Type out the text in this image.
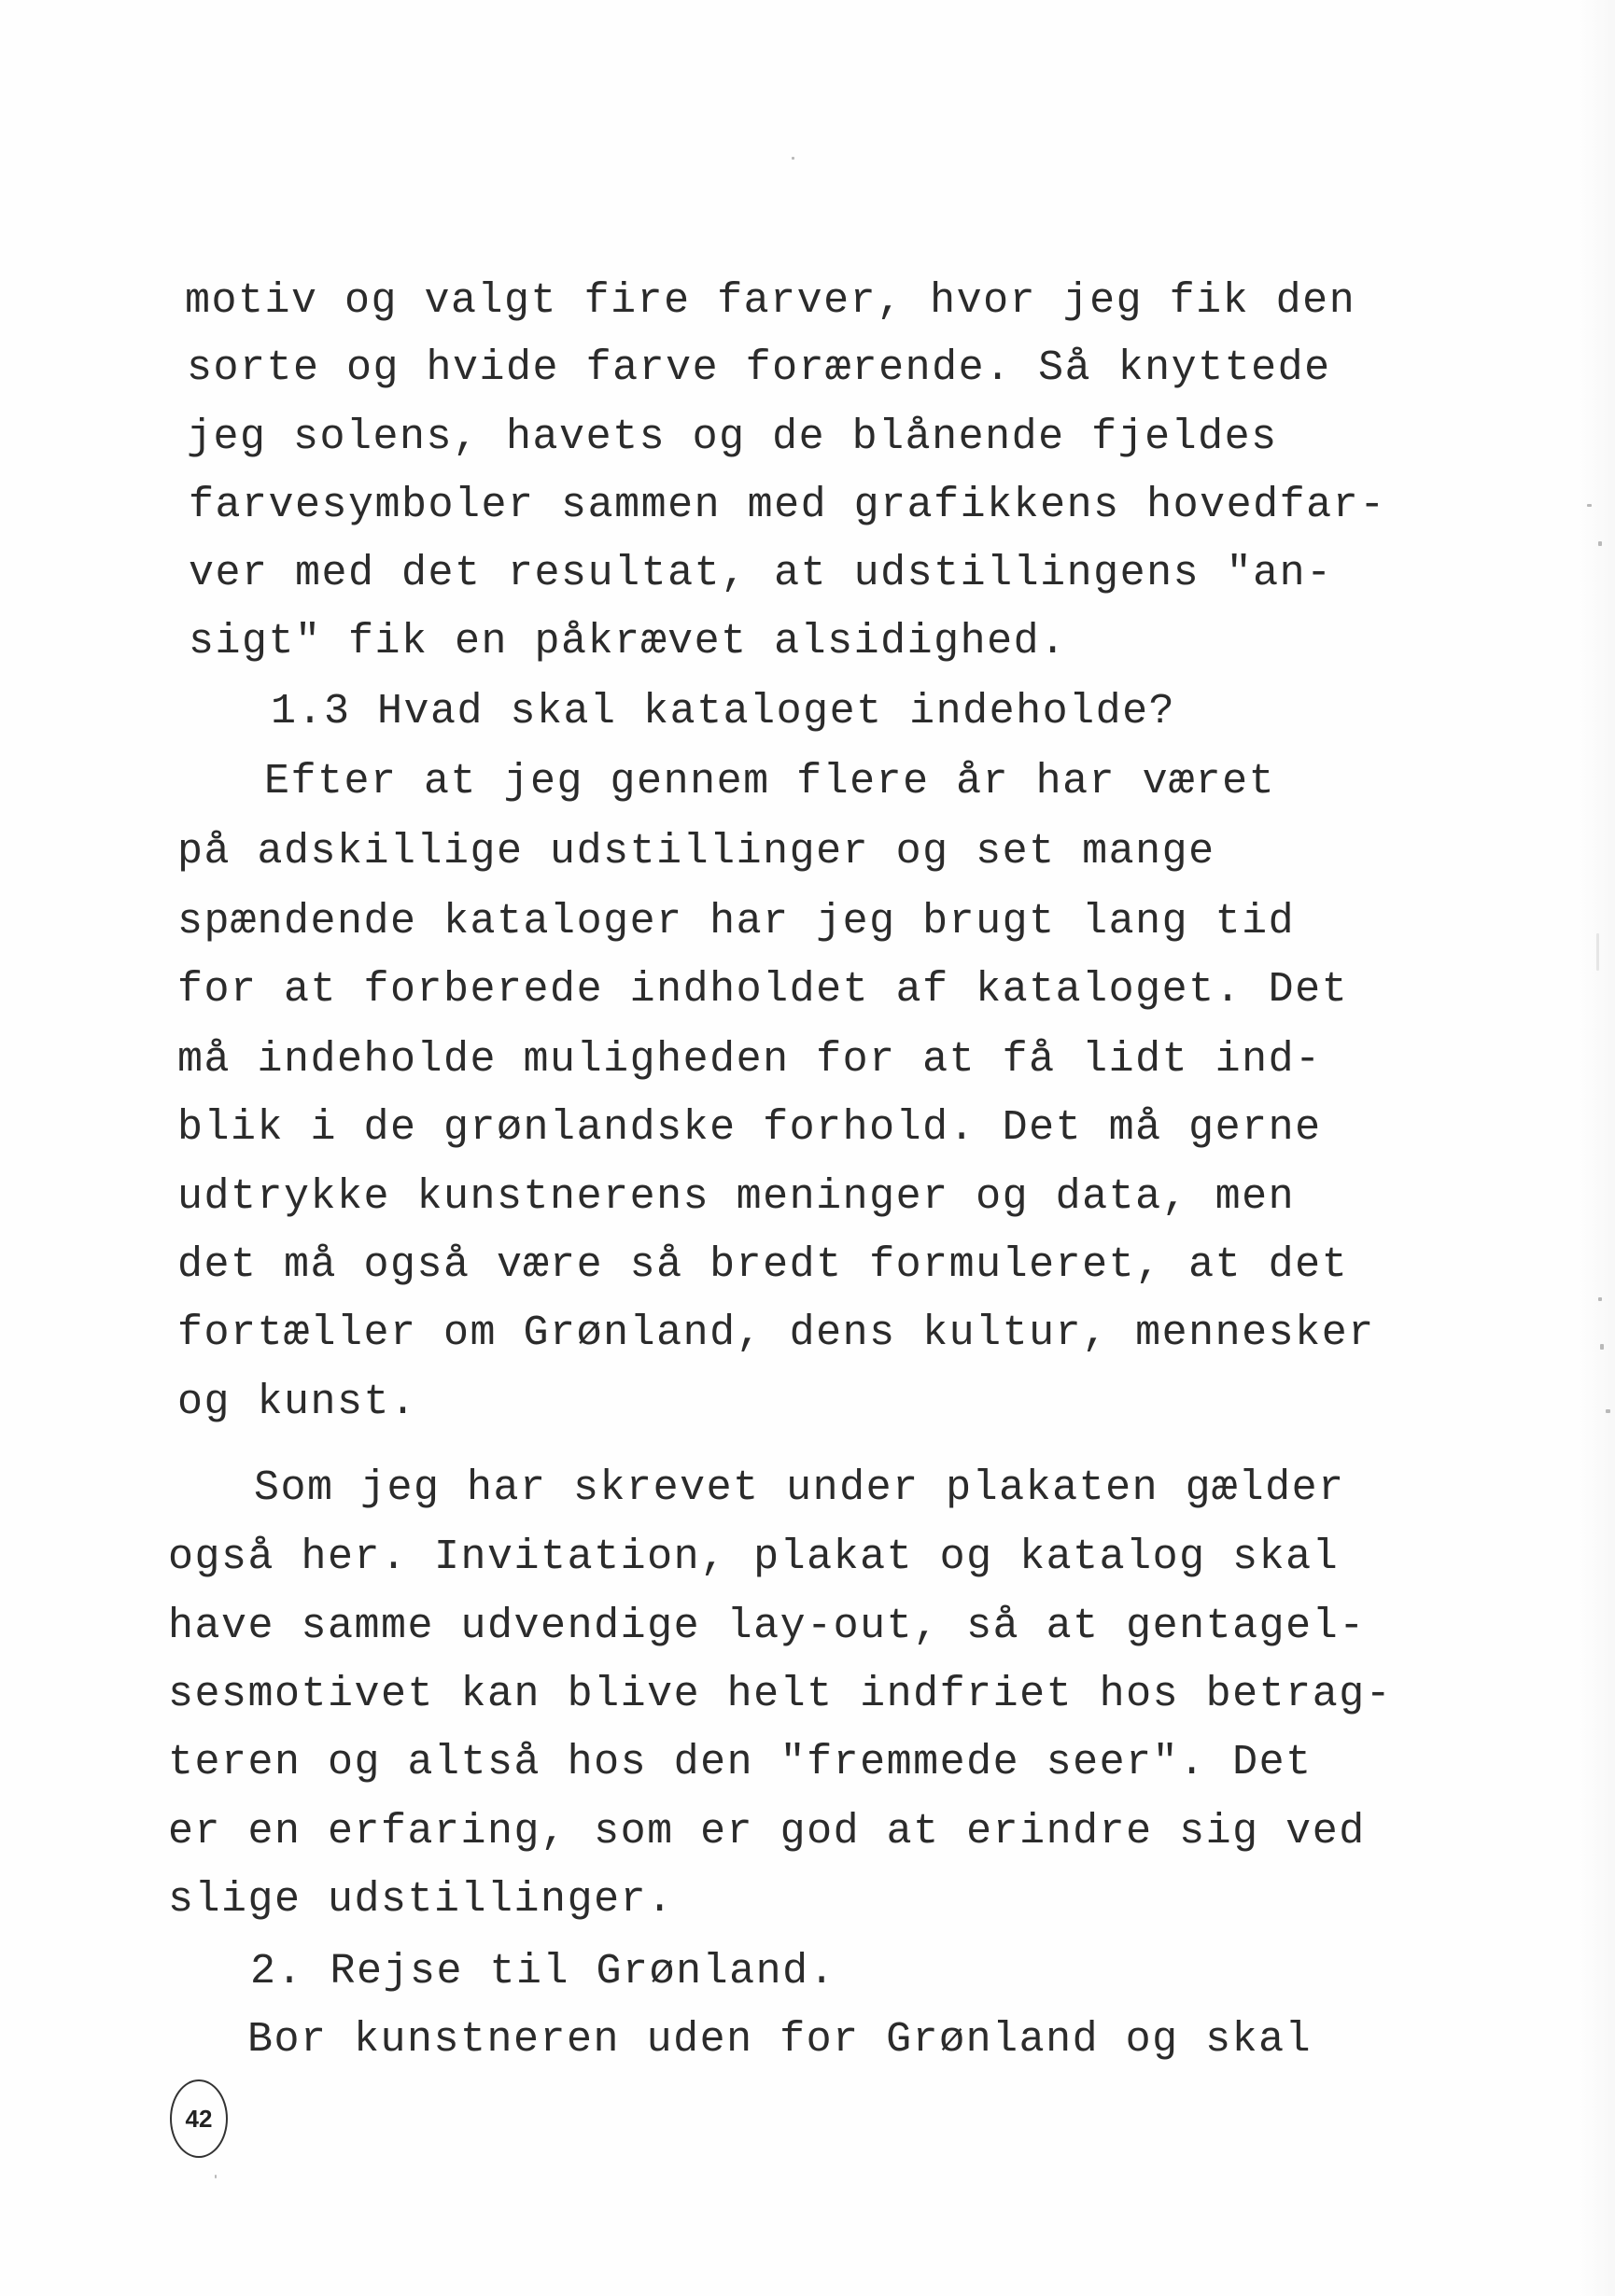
motiv og valgt fire farver, hvor jeg fik den
sorte og hvide farve forærende. Så knyttede
jeg solens, havets og de blånende fjeldes
farvesymboler sammen med grafikkens hovedfar-
ver med det resultat, at udstillingens "an-
sigt" fik en påkrævet alsidighed.
1.3 Hvad skal kataloget indeholde?
Efter at jeg gennem flere år har været
på adskillige udstillinger og set mange
spændende kataloger har jeg brugt lang tid
for at forberede indholdet af kataloget. Det
må indeholde muligheden for at få lidt ind-
blik i de grønlandske forhold. Det må gerne
udtrykke kunstnerens meninger og data, men
det må også være så bredt formuleret, at det
fortæller om Grønland, dens kultur, mennesker
og kunst.
Som jeg har skrevet under plakaten gælder
også her. Invitation, plakat og katalog skal
have samme udvendige lay-out, så at gentagel-
sesmotivet kan blive helt indfriet hos betrag-
teren og altså hos den "fremmede seer". Det
er en erfaring, som er god at erindre sig ved
slige udstillinger.
2. Rejse til Grønland.
Bor kunstneren uden for Grønland og skal
42
